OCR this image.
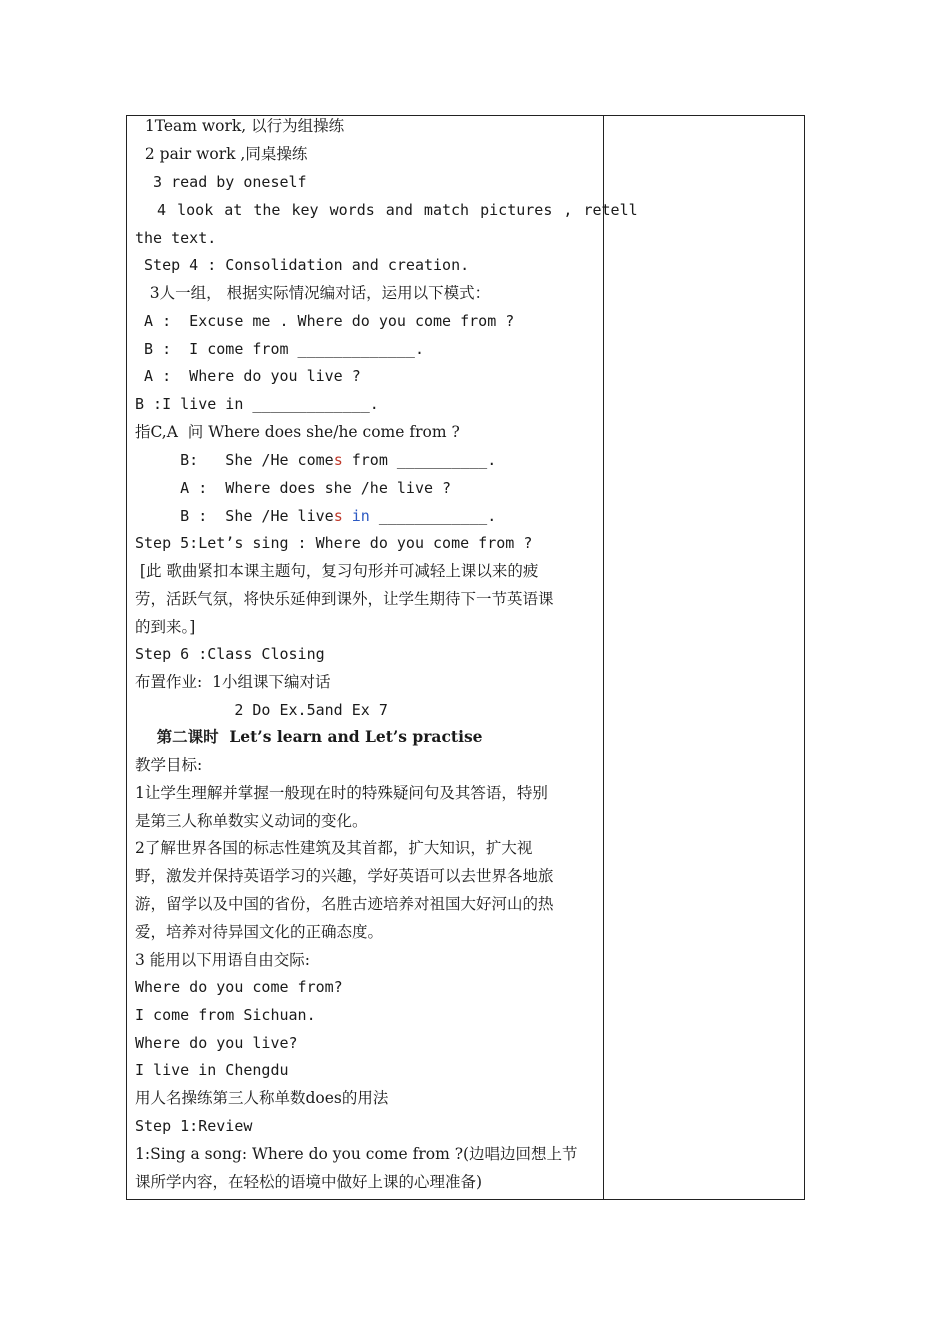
1Team work, 以行为组操练
2 pair work ,同桌操练
3 read by oneself
4 look at the key words and match pictures , retell
the text.
Step 4 : Consolidation and creation.
3人一组， 根据实际情况编对话，运用以下模式：
A :  Excuse me . Where do you come from ?
B :  I come from _____________.
A :  Where do you live ?
B :I live in _____________.
指C,A  问 Where does she/he come from ?
B:   She /He comes from __________.
A :  Where does she /he live ?
B :  She /He lives in ____________.
Step 5:Let’s sing : Where do you come from ?
[此 歌曲紧扣本课主题句，复习句形并可减轻上课以来的疲
劳，活跃气氛，将快乐延伸到课外，让学生期待下一节英语课
的到来。]
Step 6 :Class Closing
布置作业:  1小组课下编对话
2 Do Ex.5and Ex 7
第二课时  Let’s learn and Let’s practise
教学目标:
1让学生理解并掌握一般现在时的特殊疑问句及其答语，特别
是第三人称单数实义动词的变化。
2了解世界各国的标志性建筑及其首都，扩大知识，扩大视
野，激发并保持英语学习的兴趣，学好英语可以去世界各地旅
游，留学以及中国的省份，名胜古迹培养对祖国大好河山的热
爱，培养对待异国文化的正确态度。
3 能用以下用语自由交际:
Where do you come from?
I come from Sichuan.
Where do you live?
I live in Chengdu
用人名操练第三人称单数does的用法
Step 1:Review
1:Sing a song: Where do you come from ?(边唱边回想上节
课所学内容，在轻松的语境中做好上课的心理准备)
